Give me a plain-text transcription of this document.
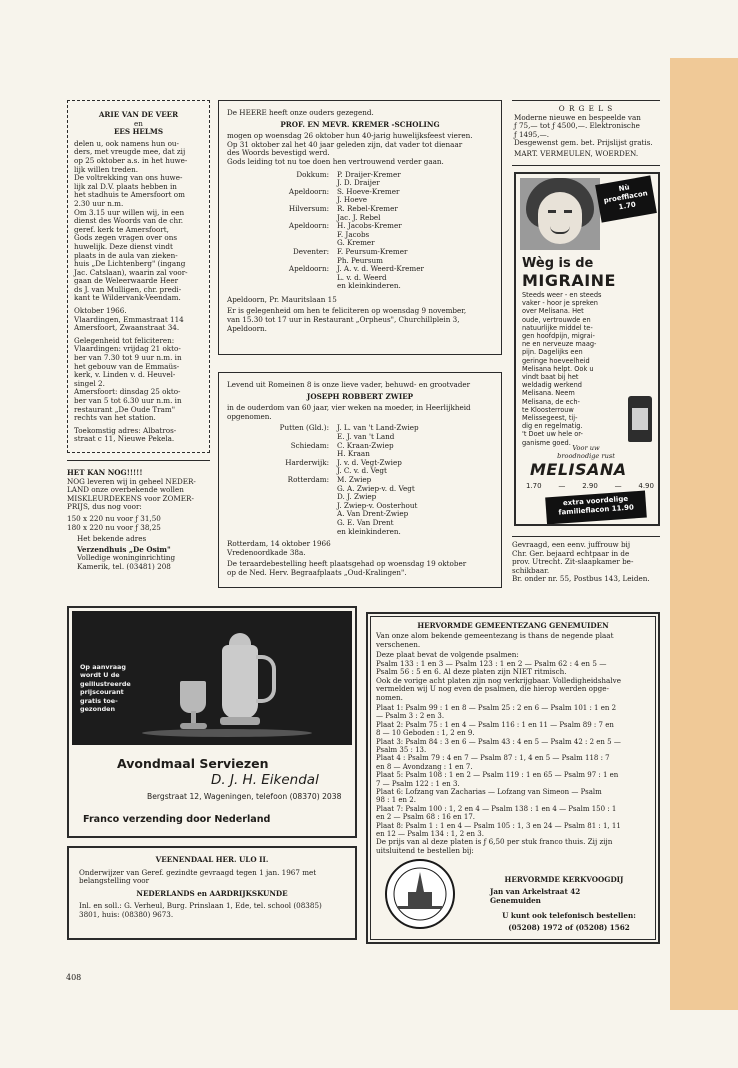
ARIE VAN DE VEER
en
EES HELMS
delen u, ook namens hun ou-
ders, met vreugde mee, dat zij
op 25 oktober a.s. in het huwe-
lijk willen treden.
De voltrekking van ons huwe-
lijk zal D.V. plaats hebben in
het stadhuis te Amersfoort om
2.30 uur n.m.
Om 3.15 uur willen wij, in een
dienst des Woords van de chr.
geref. kerk te Amersfoort,
Gods zegen vragen over ons
huwelijk. Deze dienst vindt
plaats in de aula van zieken-
huis „De Lichtenberg" (ingang
Jac. Catslaan), waarin zal voor-
gaan de Weleerwaarde Heer
ds J. van Mulligen, chr. predi-
kant te Wildervank-Veendam.
Oktober 1966.
Vlaardingen, Emmastraat 114
Amersfoort, Zwaanstraat 34.
Gelegenheid tot feliciteren:
Vlaardingen: vrijdag 21 okto-
ber van 7.30 tot 9 uur n.m. in
het gebouw van de Emmaüs-
kerk, v. Linden v. d. Heuvel-
singel 2.
Amersfoort: dinsdag 25 okto-
ber van 5 tot 6.30 uur n.m. in
restaurant „De Oude Tram"
rechts van het station.
Toekomstig adres: Albatros-
straat c 11, Nieuwe Pekela.
De HEERE heeft onze ouders gezegend.
PROF. EN MEVR. KREMER -SCHOLING
mogen op woensdag 26 oktober hun 40-jarig huwelijksfeest vieren.
Op 31 oktober zal het 40 jaar geleden zijn, dat vader tot dienaar
des Woords bevestigd werd.
Gods leiding tot nu toe doen hen vertrouwend verder gaan.
Dokkum:	P. Draijer-Kremer
J. D. Draijer
Apeldoorn:	S. Hoeve-Kremer
J. Hoeve
Hilversum:	R. Rebel-Kremer
Jac. J. Rebel
Apeldoorn:	H. Jacobs-Kremer
F. Jacobs
G. Kremer
Deventer:	F. Peursum-Kremer
Ph. Peursum
Apeldoorn:	J. A. v. d. Weerd-Kremer
L. v. d. Weerd
en kleinkinderen.
Apeldoorn, Pr. Mauritslaan 15
Er is gelegenheid om hen te feliciteren op woensdag 9 november,
van 15.30 tot 17 uur in Restaurant „Orpheus", Churchillplein 3,
Apeldoorn.
O R G E L S
Moderne nieuwe en bespeelde van
ƒ 75,— tot ƒ 4500,—. Elektronische
ƒ 1495,—.
Desgewenst gem. bet. Prijslijst gratis.
MART. VERMEULEN, WOERDEN.
Nù
proefflacon
1.70
Wèg is de
MIGRAINE
Steeds weer - en steeds
vaker - hoor je spreken
over Melisana. Het
oude, vertrouwde en
natuurlijke middel te-
gen hoofdpijn, migrai-
ne en nerveuze maag-
pijn. Dagelijks een
geringe hoeveelheid
Melisana helpt. Ook u
vindt baat bij het
weldadig werkend
Melisana. Neem
Melisana, de ech-
te Kloosterrouw
Melissegeest, tij-
dig en regelmatig.
't Doet uw hele or-
ganisme goed.
Voor uw
broodnodige rust
MELISANA
1.70 — 2.90 — 4.90
extra voordelige
familieflacon 11.90
Gevraagd, een eenv. juffrouw bij
Chr. Ger. bejaard echtpaar in de
prov. Utrecht. Zit-slaapkamer be-
schikbaar.
Br. onder nr. 55, Postbus 143, Leiden.
HET KAN NOG!!!!!
NOG leveren wij in geheel NEDER-
LAND onze overbekende wollen
MISKLEURDEKENS voor ZOMER-
PRIJS, dus nog voor:
150 x 220 nu voor ƒ 31,50
180 x 220 nu voor ƒ 38,25
Het bekende adres
Verzendhuis „De Osim"
Volledige woninginrichting
Kamerik, tel. (03481) 208
Levend uit Romeinen 8 is onze lieve vader, behuwd- en grootvader
JOSEPH ROBBERT ZWIEP
in de ouderdom van 60 jaar, vier weken na moeder, in Heerlijkheid
opgenomen.
Putten (Gld.):	J. L. van 't Land-Zwiep
E. J. van 't Land
Schiedam:	C. Kraan-Zwiep
H. Kraan
Harderwijk:	J. v. d. Vegt-Zwiep
J. C. v. d. Vegt
Rotterdam:	M. Zwiep
G. A. Zwiep-v. d. Vegt
D. J. Zwiep
J. Zwiep-v. Oosterhout
A. Van Drent-Zwiep
G. E. Van Drent
en kleinkinderen.
Rotterdam, 14 oktober 1966
Vredenoordkade 38a.
De teraardebestelling heeft plaatsgehad op woensdag 19 oktober
op de Ned. Herv. Begraafplaats „Oud-Kralingen".
Op aanvraag
wordt U de
geïllustreerde
prijscourant
gratis toe-
gezonden
Avondmaal Serviezen
D. J. H. Eikendal
Bergstraat 12, Wageningen, telefoon (08370) 2038
Franco verzending door Nederland
VEENENDAAL HER. ULO II.
Onderwijzer van Geref. gezindte gevraagd tegen 1 jan. 1967 met
belangstelling voor
NEDERLANDS en AARDRIJKSKUNDE
Inl. en soll.: G. Verheul, Burg. Prinslaan 1, Ede, tel. school (08385)
3801, huis: (08380) 9673.
HERVORMDE GEMEENTEZANG GENEMUIDEN
Van onze alom bekende gemeentezang is thans de negende plaat
verschenen.
Deze plaat bevat de volgende psalmen:
Psalm 133 : 1 en 3 — Psalm 123 : 1 en 2 — Psalm 62 : 4 en 5 —
Psalm 56 : 5 en 6. Al deze platen zijn NIET ritmisch.
Ook de vorige acht platen zijn nog verkrijgbaar. Volledigheidshalve
vermelden wij U nog even de psalmen, die hierop werden opge-
nomen.
Plaat 1: Psalm 99 : 1 en 8 — Psalm 25 : 2 en 6 — Psalm 101 : 1 en 2
— Psalm 3 : 2 en 3.
Plaat 2: Psalm 75 : 1 en 4 — Psalm 116 : 1 en 11 — Psalm 89 : 7 en
8 — 10 Geboden : 1, 2 en 9.
Plaat 3: Psalm 84 : 3 en 6 — Psalm 43 : 4 en 5 — Psalm 42 : 2 en 5 —
Psalm 35 : 13.
Plaat 4 : Psalm 79 : 4 en 7 — Psalm 87 : 1, 4 en 5 — Psalm 118 : 7
en 8 — Avondzang : 1 en 7.
Plaat 5: Psalm 108 : 1 en 2 — Psalm 119 : 1 en 65 — Psalm 97 : 1 en
7 — Psalm 122 : 1 en 3.
Plaat 6: Lofzang van Zacharias — Lofzang van Simeon — Psalm
98 : 1 en 2.
Plaat 7: Psalm 100 : 1, 2 en 4 — Psalm 138 : 1 en 4 — Psalm 150 : 1
en 2 — Psalm 68 : 16 en 17.
Plaat 8: Psalm 1 : 1 en 4 — Psalm 105 : 1, 3 en 24 — Psalm 81 : 1, 11
en 12 — Psalm 134 : 1, 2 en 3.
De prijs van al deze platen is ƒ 6,50 per stuk franco thuis. Zij zijn
uitsluitend te bestellen bij:
HERVORMDE KERKVOOGDIJ
Jan van Arkelstraat 42
Genemuiden
U kunt ook telefonisch bestellen:
(05208) 1972 of (05208) 1562
408
